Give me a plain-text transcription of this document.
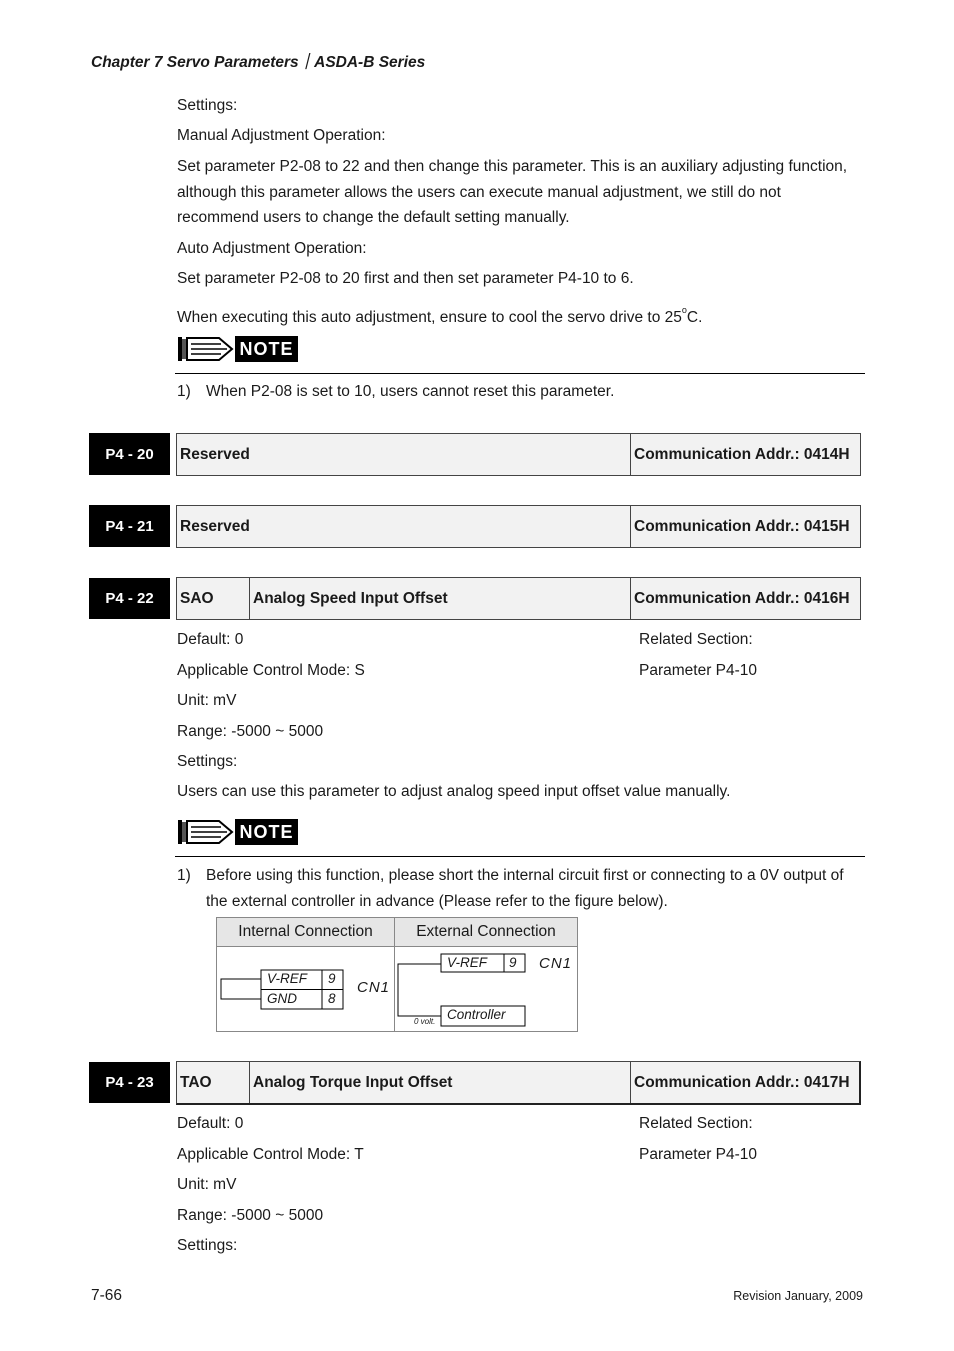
Chapter 7 Servo Parameters｜ASDA-B Series
Settings:
Manual Adjustment Operation:
Set parameter P2-08 to 22 and then change this parameter. This is an auxiliary adjusting function, although this parameter allows the users can execute manual adjustment, we still do not recommend users to change the default setting manually.
Auto Adjustment Operation:
Set parameter P2-08 to 20 first and then set parameter P4-10 to 6.
When executing this auto adjustment, ensure to cool the servo drive to 25$^o$C.
NOTE
1) When P2-08 is set to 10, users cannot reset this parameter.
P4 - 20	Reserved	Communication Addr.: 0414H
P4 - 21	Reserved	Communication Addr.: 0415H
P4 - 22	SAO	Analog Speed Input Offset	Communication Addr.: 0416H
Default: 0	Related Section:
Applicable Control Mode: S	Parameter P4-10
Unit: mV
Range: -5000 ~ 5000
Settings:
Users can use this parameter to adjust analog speed input offset value manually.
NOTE
1) Before using this function, please short the internal circuit first or connecting to a 0V output of the external controller in advance (Please refer to the figure below).
Internal Connection	External Connection
V-REF 9
GND 8
CN1
V-REF 9 CN1
0 volt. Controller
P4 - 23	TAO	Analog Torque Input Offset	Communication Addr.: 0417H
Default: 0	Related Section:
Applicable Control Mode: T	Parameter P4-10
Unit: mV
Range: -5000 ~ 5000
Settings:
7-66	Revision January, 2009
